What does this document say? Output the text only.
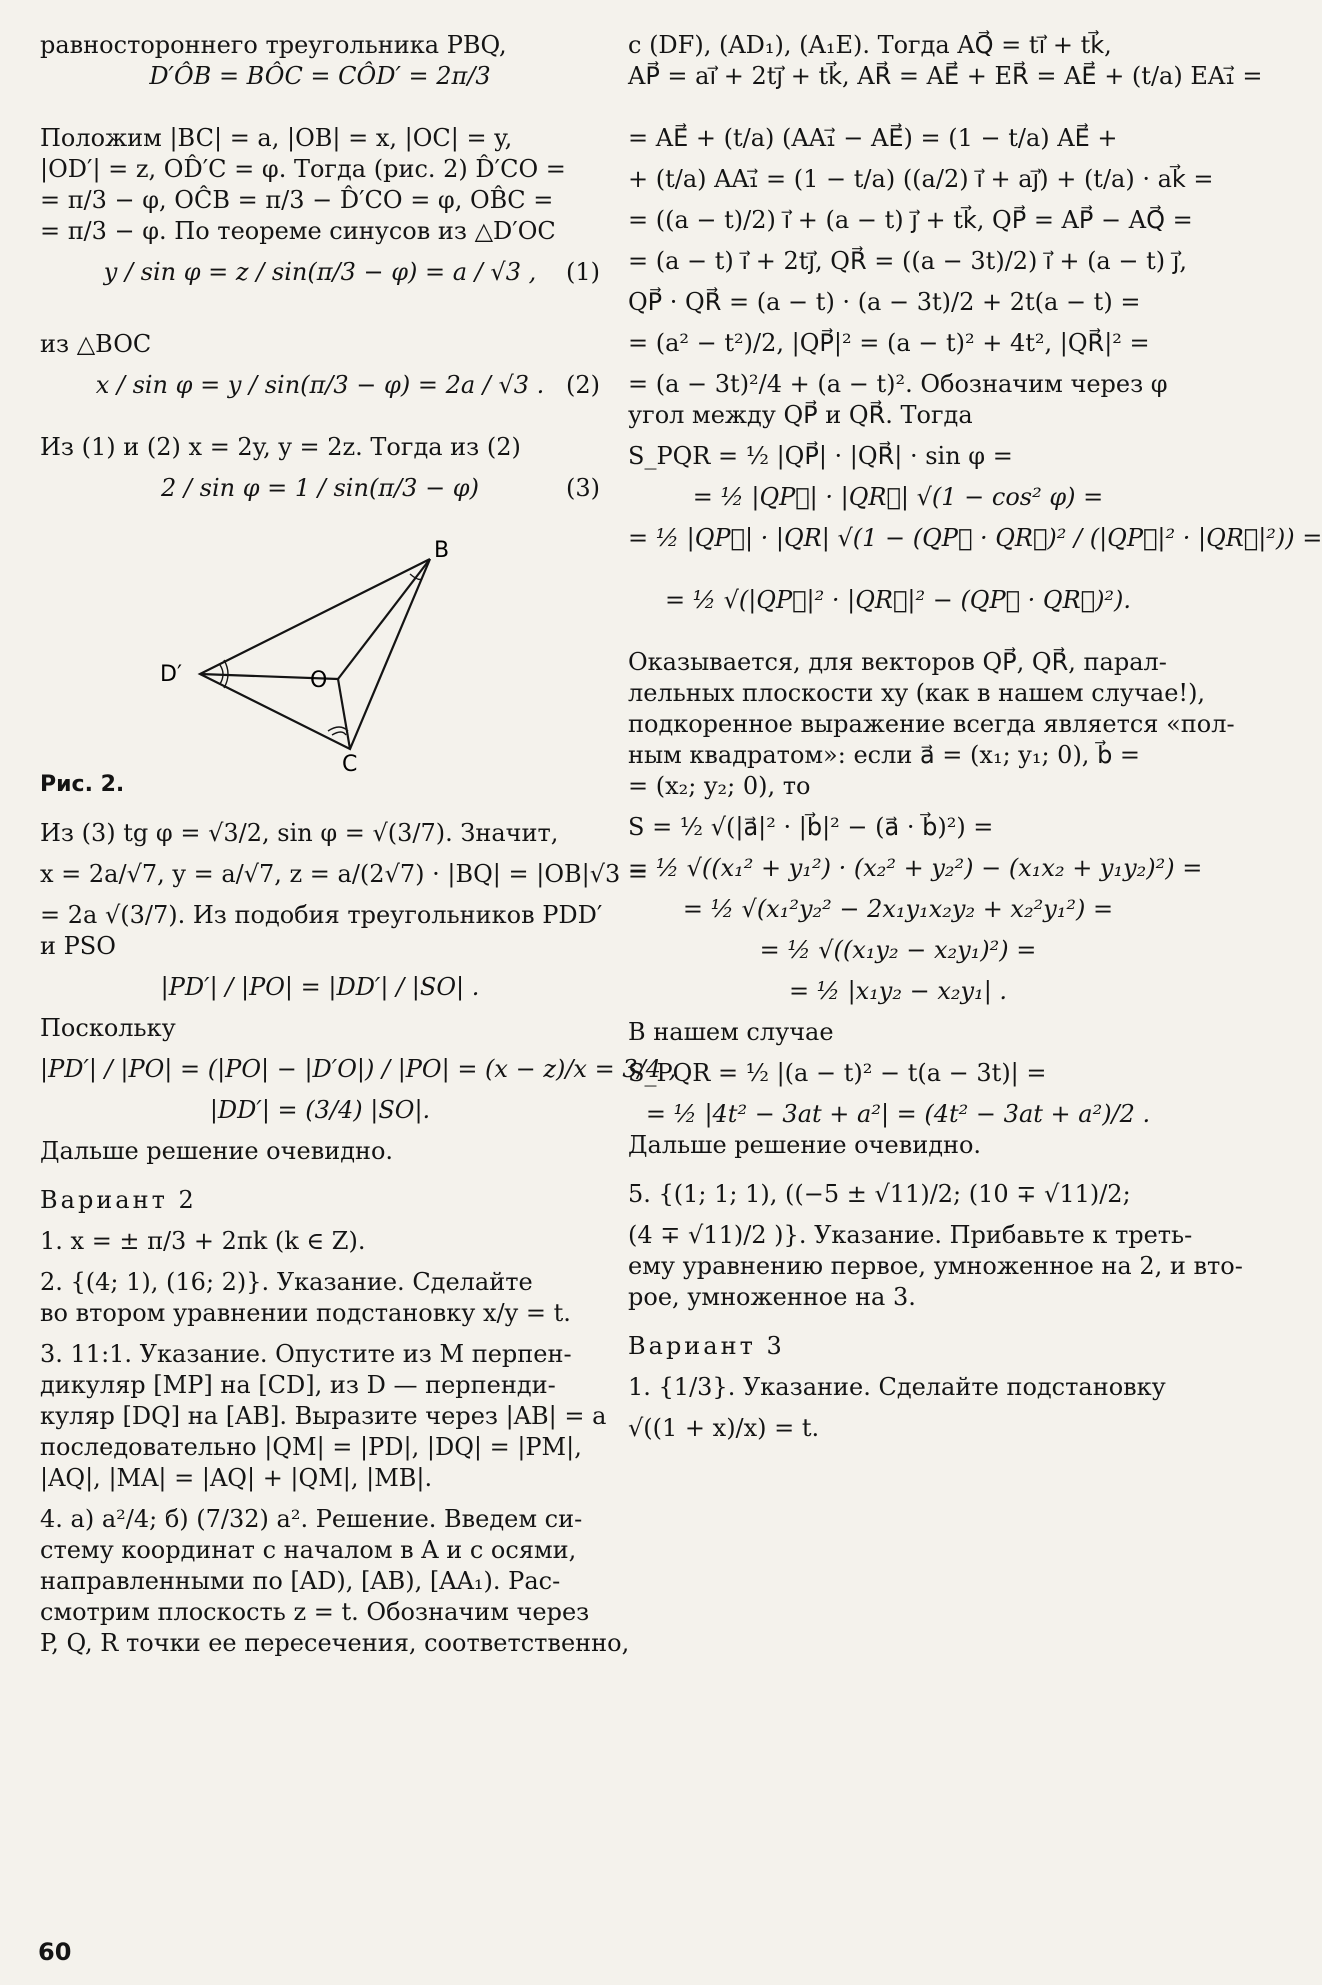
равностороннего треугольника PBQ,
D′ÔB = BÔC = CÔD′ = 2π/3
Положим |BC| = a, |OB| = x, |OC| = y,
|OD′| = z, OD̂′C = φ. Тогда (рис. 2) D̂′CO =
= π/3 − φ, OĈB = π/3 − D̂′CO = φ, OB̂C =
= π/3 − φ. По теореме синусов из △D′OC
y / sin φ = z / sin(π/3 − φ) = a / √3 , (1)
из △BOC
x / sin φ = y / sin(π/3 − φ) = 2a / √3 . (2)
Из (1) и (2) x = 2y, y = 2z. Тогда из (2)
2 / sin φ = 1 / sin(π/3 − φ)	(3)
B
D′	O
C
Рис. 2.
Из (3) tg φ = √3/2, sin φ = √(3/7). Значит,
x = 2a/√7, y = a/√7, z = a/(2√7) · |BQ| = |OB|√3 =
= 2a √(3/7). Из подобия треугольников PDD′
и PSO
|PD′| / |PO| = |DD′| / |SO| .
Поскольку
|PD′| / |PO| = (|PO| − |D′O|) / |PO| = (x − z)/x = 3/4 ,
|DD′| = (3/4) |SO|.
Дальше решение очевидно.
Вариант 2
1. x = ± π/3 + 2πk (k ∈ Z).
2. {(4; 1), (16; 2)}. Указание. Сделайте
во втором уравнении подстановку x/y = t.
3. 11:1. Указание. Опустите из M перпен-
дикуляр [MP] на [CD], из D — перпенди-
куляр [DQ] на [AB]. Выразите через |AB| = a
последовательно |QM| = |PD|, |DQ| = |PM|,
|AQ|, |MA| = |AQ| + |QM|, |MB|.
4. а) a²/4; б) (7/32) a². Решение. Введем си-
стему координат с началом в A и с осями,
направленными по [AD), [AB), [AA₁). Рас-
смотрим плоскость z = t. Обозначим через
P, Q, R точки ее пересечения, соответственно,
с (DF), (AD₁), (A₁E). Тогда AQ⃗ = ti⃗ + tk⃗,
AP⃗ = ai⃗ + 2tj⃗ + tk⃗, AR⃗ = AE⃗ + ER⃗ = AE⃗ + (t/a) EA₁⃗ =
= AE⃗ + (t/a) (AA₁⃗ − AE⃗) = (1 − t/a) AE⃗ +
+ (t/a) AA₁⃗ = (1 − t/a) ((a/2) i⃗ + aj⃗) + (t/a) · ak⃗ =
= ((a − t)/2) i⃗ + (a − t) j⃗ + tk⃗, QP⃗ = AP⃗ − AQ⃗ =
= (a − t) i⃗ + 2tj⃗, QR⃗ = ((a − 3t)/2) i⃗ + (a − t) j⃗,
QP⃗ · QR⃗ = (a − t) · (a − 3t)/2 + 2t(a − t) =
= (a² − t²)/2, |QP⃗|² = (a − t)² + 4t², |QR⃗|² =
= (a − 3t)²/4 + (a − t)². Обозначим через φ
угол между QP⃗ и QR⃗. Тогда
S_PQR = ½ |QP⃗| · |QR⃗| · sin φ =
= ½ |QP⃗| · |QR⃗| √(1 − cos² φ) =
= ½ |QP⃗| · |QR| √(1 − (QP⃗ · QR⃗)² / (|QP⃗|² · |QR⃗|²)) =
= ½ √(|QP⃗|² · |QR⃗|² − (QP⃗ · QR⃗)²).
Оказывается, для векторов QP⃗, QR⃗, парал-
лельных плоскости xy (как в нашем случае!),
подкоренное выражение всегда является «пол-
ным квадратом»: если a⃗ = (x₁; y₁; 0), b⃗ =
= (x₂; y₂; 0), то
S = ½ √(|a⃗|² · |b⃗|² − (a⃗ · b⃗)²) =
= ½ √((x₁² + y₁²) · (x₂² + y₂²) − (x₁x₂ + y₁y₂)²) =
= ½ √(x₁²y₂² − 2x₁y₁x₂y₂ + x₂²y₁²) =
= ½ √((x₁y₂ − x₂y₁)²) =
= ½ |x₁y₂ − x₂y₁| .
В нашем случае
S_PQR = ½ |(a − t)² − t(a − 3t)| =
= ½ |4t² − 3at + a²| = (4t² − 3at + a²)/2 .
Дальше решение очевидно.
5. {(1; 1; 1), ((−5 ± √11)/2; (10 ∓ √11)/2;
(4 ∓ √11)/2 )}. Указание. Прибавьте к треть-
ему уравнению первое, умноженное на 2, и вто-
рое, умноженное на 3.
Вариант 3
1. {1/3}. Указание. Сделайте подстановку
√((1 + x)/x) = t.
60
